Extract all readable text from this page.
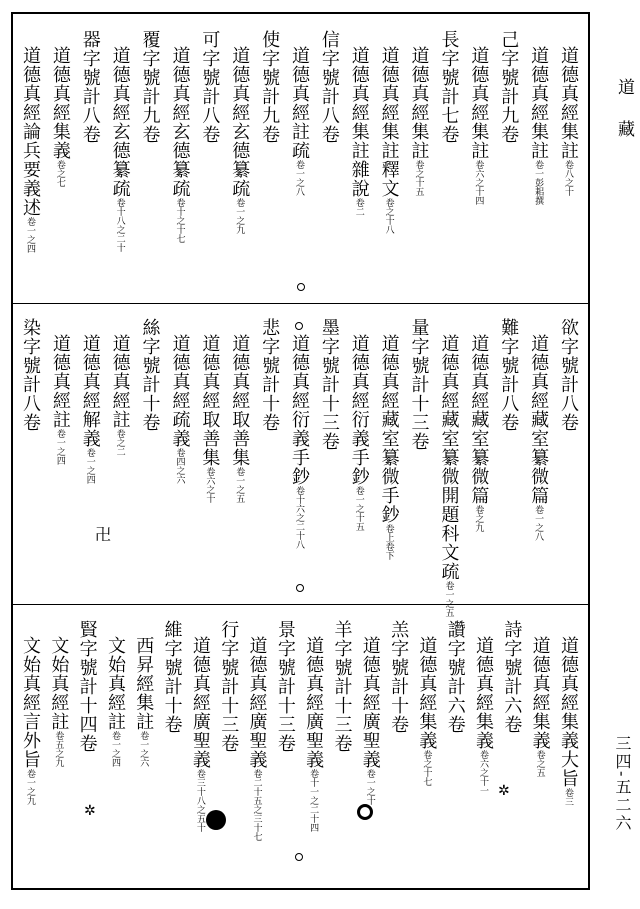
道
藏
三四-五二六
道德真經集註卷八之十
道德真經集註卷一彭耜撰
己字號計九卷
道德真經集註卷六之十四
長字號計七卷
道德真經集註卷之十五
道德真經集註釋文卷之十八
道德真經集註雜說卷二
信字號計八卷
道德真經註疏卷一之八
使字號計九卷
道德真經玄德纂疏卷一之九
可字號計八卷
道德真經玄德纂疏卷十之十七
覆字號計九卷
道德真經玄德纂疏卷十八之二十
器字號計八卷
道德真經集義卷之七
道德真經論兵要義述卷一之四
欲字號計八卷
道德真經藏室纂微篇卷一之八
難字號計八卷
道德真經藏室纂微篇卷之九
道德真經藏室纂微開題科文疏卷一之五
量字號計十三卷
道德真經藏室纂微手鈔卷上卷下
道德真經衍義手鈔卷一之十五
墨字號計十三卷
道德真經衍義手鈔卷十六之二十八
悲字號計十卷
道德真經取善集卷一之五
道德真經取善集卷六之十
道德真經疏義卷四之六
絲字號計十卷
道德真經註卷之二
道德真經解義卷一之四
道德真經註卷一之四
染字號計八卷
道德真經集義大旨卷三
道德真經集義卷之五
詩字號計六卷
道德真經集義卷六之十一
讚字號計六卷
道德真經集義卷之十七
羔字號計十卷
道德真經廣聖義卷一之十
羊字號計十三卷
道德真經廣聖義卷十一之二十四
景字號計十三卷
道德真經廣聖義卷二十五之三十七
行字號計十三卷
道德真經廣聖義卷三十八之五十
維字號計十卷
西昇經集註卷一之六
文始真經註卷一之四
賢字號計十四卷
文始真經註卷五之九
文始真經言外旨卷一之九
卍
✲
✲
